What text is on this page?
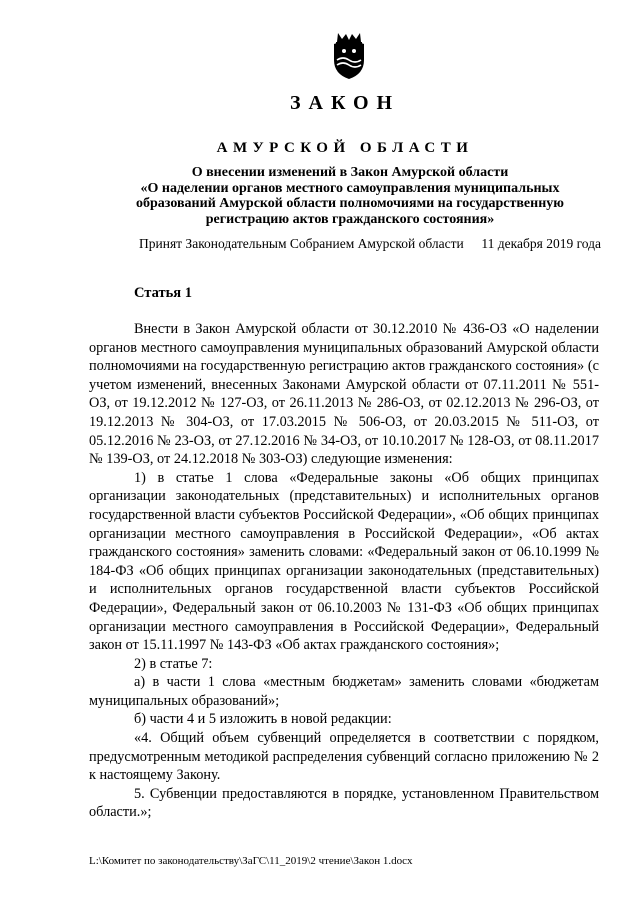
ЗАКОН
АМУРСКОЙ ОБЛАСТИ
О внесении изменений в Закон Амурской области
«О наделении органов местного самоуправления муниципальных образований Амурской области полномочиями на государственную регистрацию актов гражданского состояния»
Принят Законодательным Собранием Амурской области 11 декабря 2019 года
Статья 1

Внести в Закон Амурской области от 30.12.2010 № 436-ОЗ «О наделении органов местного самоуправления муниципальных образований Амурской области полномочиями на государственную регистрацию актов гражданского состояния» (с учетом изменений, внесенных Законами Амурской области от 07.11.2011 № 551-ОЗ, от 19.12.2012 № 127-ОЗ, от 26.11.2013 № 286-ОЗ, от 02.12.2013 № 296-ОЗ, от 19.12.2013 № 304-ОЗ, от 17.03.2015 № 506-ОЗ, от 20.03.2015 № 511-ОЗ, от 05.12.2016 № 23-ОЗ, от 27.12.2016 № 34-ОЗ, от 10.10.2017 № 128-ОЗ, от 08.11.2017 № 139-ОЗ, от 24.12.2018 № 303-ОЗ) следующие изменения:

1) в статье 1 слова «Федеральные законы «Об общих принципах организации законодательных (представительных) и исполнительных органов государственной власти субъектов Российской Федерации», «Об общих принципах организации местного самоуправления в Российской Федерации», «Об актах гражданского состояния» заменить словами: «Федеральный закон от 06.10.1999 № 184-ФЗ «Об общих принципах организации законодательных (представительных) и исполнительных органов государственной власти субъектов Российской Федерации», Федеральный закон от 06.10.2003 № 131-ФЗ «Об общих принципах организации местного самоуправления в Российской Федерации», Федеральный закон от 15.11.1997 № 143-ФЗ «Об актах гражданского состояния»;

2) в статье 7:

а) в части 1 слова «местным бюджетам» заменить словами «бюджетам муниципальных образований»;

б) части 4 и 5 изложить в новой редакции:

«4. Общий объем субвенций определяется в соответствии с порядком, предусмотренным методикой распределения субвенций согласно приложению № 2 к настоящему Закону.

5. Субвенции предоставляются в порядке, установленном Правительством области.»;

L:\Комитет по законодательству\ЗаГС\11_2019\2 чтение\Закон 1.docx
